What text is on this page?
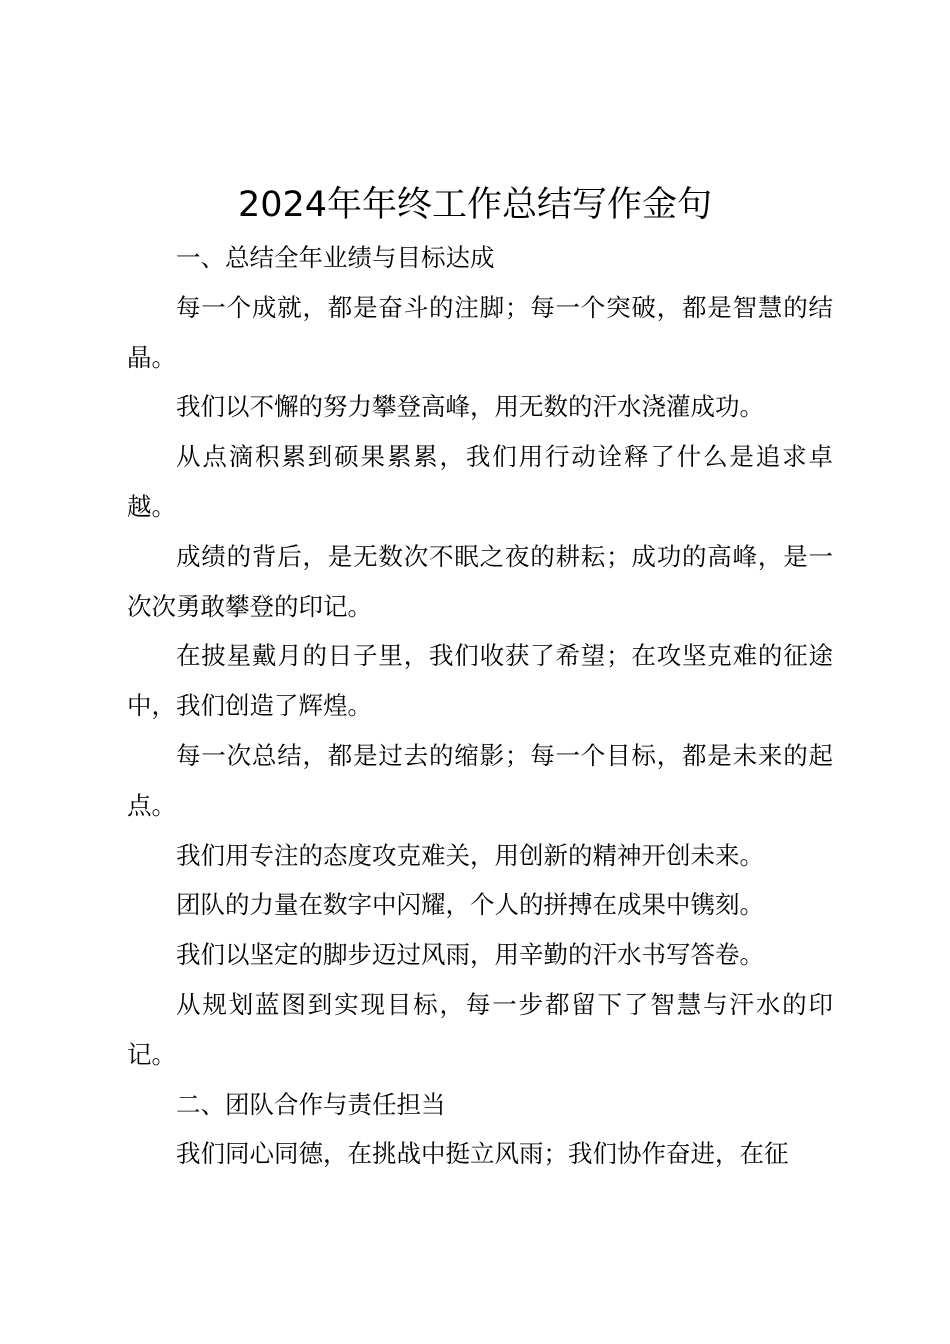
2024年年终工作总结写作金句

一、总结全年业绩与目标达成

每一个成就，都是奋斗的注脚；每一个突破，都是智慧的结晶。

我们以不懈的努力攀登高峰，用无数的汗水浇灌成功。

从点滴积累到硕果累累，我们用行动诠释了什么是追求卓越。

成绩的背后，是无数次不眠之夜的耕耘；成功的高峰，是一次次勇敢攀登的印记。

在披星戴月的日子里，我们收获了希望；在攻坚克难的征途中，我们创造了辉煌。

每一次总结，都是过去的缩影；每一个目标，都是未来的起点。

我们用专注的态度攻克难关，用创新的精神开创未来。

团队的力量在数字中闪耀，个人的拼搏在成果中镌刻。

我们以坚定的脚步迈过风雨，用辛勤的汗水书写答卷。

从规划蓝图到实现目标，每一步都留下了智慧与汗水的印记。

二、团队合作与责任担当

我们同心同德，在挑战中挺立风雨；我们协作奋进，在征
